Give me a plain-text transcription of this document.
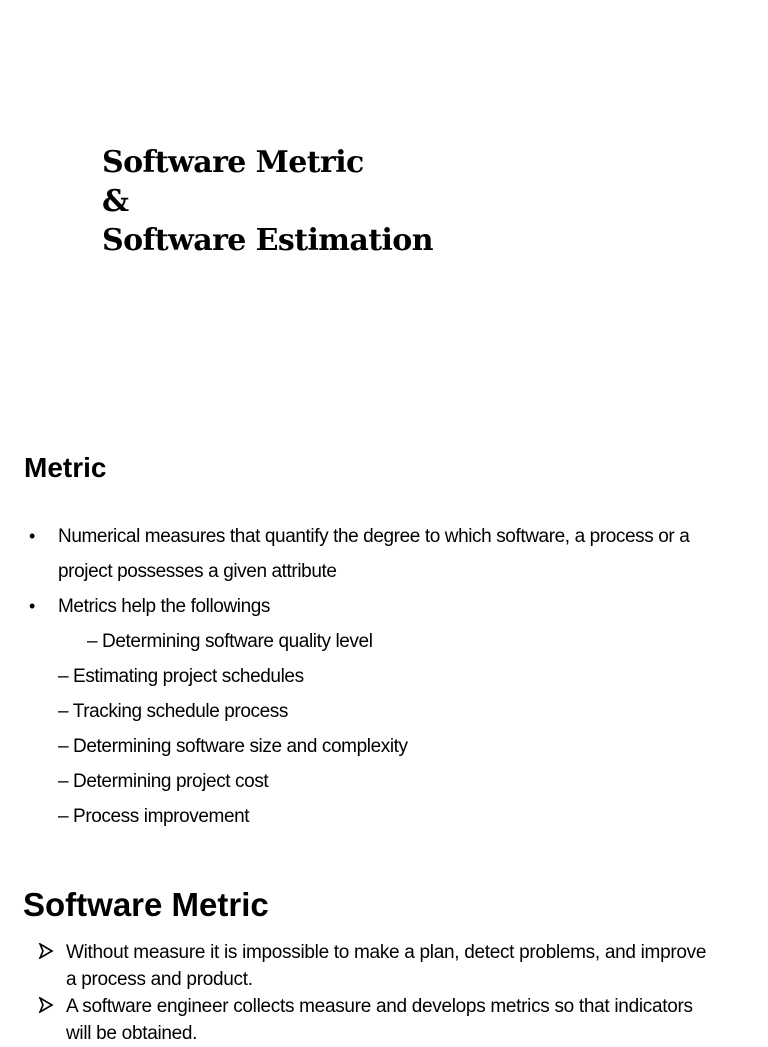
Software Metric
&
Software Estimation
Metric
• Numerical measures that quantify the degree to which software, a process or a
project possesses a given attribute
• Metrics help the followings
– Determining software quality level
– Estimating project schedules
– Tracking schedule process
– Determining software size and complexity
– Determining project cost
– Process improvement
Software Metric
Without measure it is impossible to make a plan, detect problems, and improve
a process and product.
A software engineer collects measure and develops metrics so that indicators
will be obtained.
